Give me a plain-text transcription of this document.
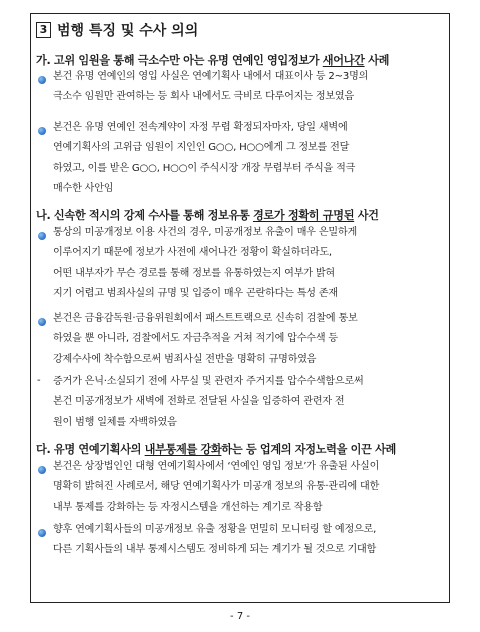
3 범행 특징 및 수사 의의
가. 고위 임원을 통해 극소수만 아는 유명 연예인 영입정보가 새어나간 사례
본건 유명 연예인의 영입 사실은 연예기획사 내에서 대표이사 등 2~3명의
극소수 임원만 관여하는 등 회사 내에서도 극비로 다루어지는 정보였음
본건은 유명 연예인 전속계약이 자정 무렵 확정되자마자, 당일 새벽에
연예기획사의 고위급 임원이 지인인 G○○, H○○에게 그 정보를 전달
하였고, 이를 받은 G○○, H○○이 주식시장 개장 무렵부터 주식을 적극
매수한 사안임
나. 신속한 적시의 강제 수사를 통해 정보유통 경로가 정확히 규명된 사건
통상의 미공개정보 이용 사건의 경우, 미공개정보 유출이 매우 은밀하게
이루어지기 때문에 정보가 사전에 새어나간 정황이 확실하더라도,
어떤 내부자가 무슨 경로를 통해 정보를 유통하였는지 여부가 밝혀
지기 어렵고 범죄사실의 규명 및 입증이 매우 곤란하다는 특성 존재
본건은 금융감독원·금융위원회에서 패스트트랙으로 신속히 검찰에 통보
하였을 뿐 아니라, 검찰에서도 자금추적을 거쳐 적기에 압수수색 등
강제수사에 착수함으로써 범죄사실 전반을 명확히 규명하였음
- 증거가 은닉·소실되기 전에 사무실 및 관련자 주거지를 압수수색함으로써
본건 미공개정보가 새벽에 전화로 전달된 사실을 입증하여 관련자 전
원이 범행 일체를 자백하였음
다. 유명 연예기획사의 내부통제를 강화하는 등 업계의 자정노력을 이끈 사례
본건은 상장법인인 대형 연예기획사에서 ‘연예인 영입 정보’가 유출된 사실이
명확히 밝혀진 사례로서, 해당 연예기획사가 미공개 정보의 유통·관리에 대한
내부 통제를 강화하는 등 자정시스템을 개선하는 계기로 작용함
향후 연예기획사들의 미공개정보 유출 정황을 면밀히 모니터링 할 예정으로,
다른 기획사들의 내부 통제시스템도 정비하게 되는 계기가 될 것으로 기대함
- 7 -
